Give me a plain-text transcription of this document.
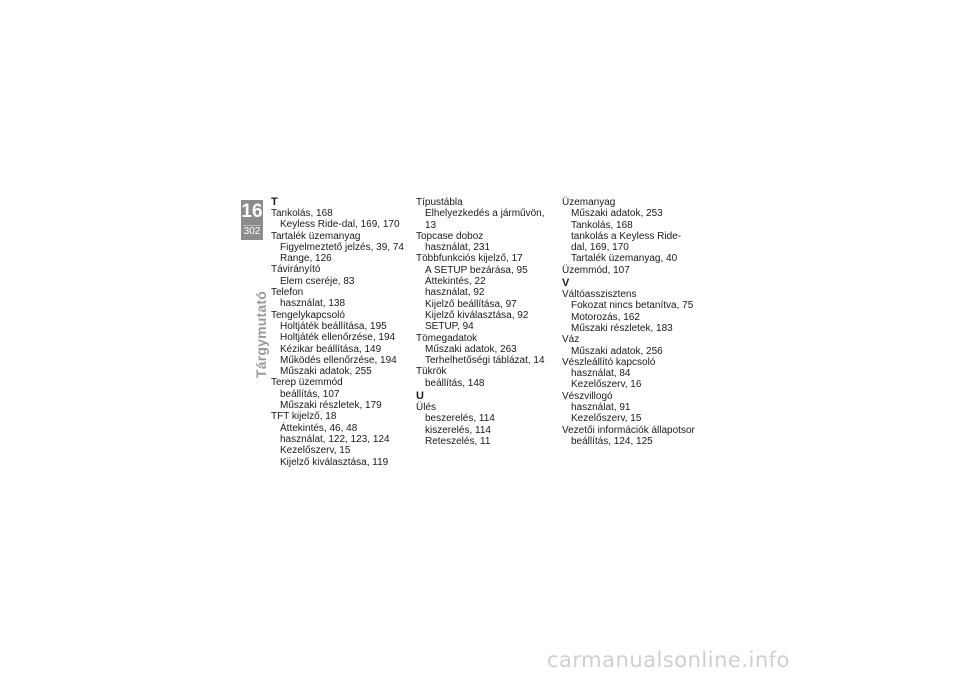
16
302
Tárgymutató
T
Tankolás, 168
Keyless Ride-dal, 169, 170
Tartalék üzemanyag
Figyelmeztető jelzés, 39, 74
Range, 126
Távirányító
Elem cseréje, 83
Telefon
használat, 138
Tengelykapcsoló
Holtjáték beállítása, 195
Holtjáték ellenőrzése, 194
Kézikar beállítása, 149
Működés ellenőrzése, 194
Műszaki adatok, 255
Terep üzemmód
beállítás, 107
Műszaki részletek, 179
TFT kijelző, 18
Áttekintés, 46, 48
használat, 122, 123, 124
Kezelőszerv, 15
Kijelző kiválasztása, 119
Típustábla
Elhelyezkedés a járművön, 13
Topcase doboz
használat, 231
Többfunkciós kijelző, 17
A SETUP bezárása, 95
Áttekintés, 22
használat, 92
Kijelző beállítása, 97
Kijelző kiválasztása, 92
SETUP, 94
Tömegadatok
Műszaki adatok, 263
Terhelhetőségi táblázat, 14
Tükrök
beállítás, 148
U
Ülés
beszerelés, 114
kiszerelés, 114
Reteszelés, 11
Üzemanyag
Műszaki adatok, 253
Tankolás, 168
tankolás a Keyless Ride-
dal, 169, 170
Tartalék üzemanyag, 40
Üzemmód, 107
V
Váltóasszisztens
Fokozat nincs betanítva, 75
Motorozás, 162
Műszaki részletek, 183
Váz
Műszaki adatok, 256
Vészleállító kapcsoló
használat, 84
Kezelőszerv, 16
Vészvillogó
használat, 91
Kezelőszerv, 15
Vezetői információk állapotsor
beállítás, 124, 125
carmanualsonline.info
